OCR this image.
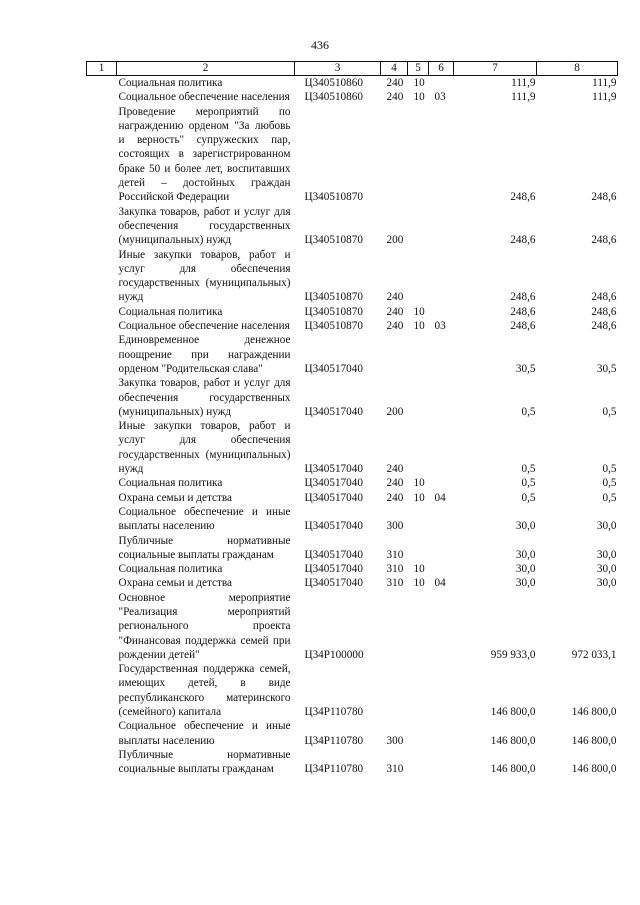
436
1	2	3	4	5	6	7	8
	Социальная политика	Ц340510860	240	10		111,9	111,9
	Социальное обеспечение населения	Ц340510860	240	10	03	111,9	111,9
	Проведение мероприятий по награждению орденом "За любовь и верность" супружеских пар, состоящих в зарегистрированном браке 50 и более лет, воспитавших детей – достойных граждан Российской Федерации	Ц340510870				248,6	248,6
	Закупка товаров, работ и услуг для обеспечения государственных (муниципальных) нужд	Ц340510870	200			248,6	248,6
	Иные закупки товаров, работ и услуг для обеспечения государственных (муниципальных) нужд	Ц340510870	240			248,6	248,6
	Социальная политика	Ц340510870	240	10		248,6	248,6
	Социальное обеспечение населения	Ц340510870	240	10	03	248,6	248,6
	Единовременное денежное поощрение при награждении орденом "Родительская слава"	Ц340517040				30,5	30,5
	Закупка товаров, работ и услуг для обеспечения государственных (муниципальных) нужд	Ц340517040	200			0,5	0,5
	Иные закупки товаров, работ и услуг для обеспечения государственных (муниципальных) нужд	Ц340517040	240			0,5	0,5
	Социальная политика	Ц340517040	240	10		0,5	0,5
	Охрана семьи и детства	Ц340517040	240	10	04	0,5	0,5
	Социальное обеспечение и иные выплаты населению	Ц340517040	300			30,0	30,0
	Публичные нормативные социальные выплаты гражданам	Ц340517040	310			30,0	30,0
	Социальная политика	Ц340517040	310	10		30,0	30,0
	Охрана семьи и детства	Ц340517040	310	10	04	30,0	30,0
	Основное мероприятие "Реализация мероприятий регионального проекта "Финансовая поддержка семей при рождении детей"	Ц34Р100000				959 933,0	972 033,1
	Государственная поддержка семей, имеющих детей, в виде республиканского материнского (семейного) капитала	Ц34Р110780				146 800,0	146 800,0
	Социальное обеспечение и иные выплаты населению	Ц34Р110780	300			146 800,0	146 800,0
	Публичные нормативные социальные выплаты гражданам	Ц34Р110780	310			146 800,0	146 800,0
